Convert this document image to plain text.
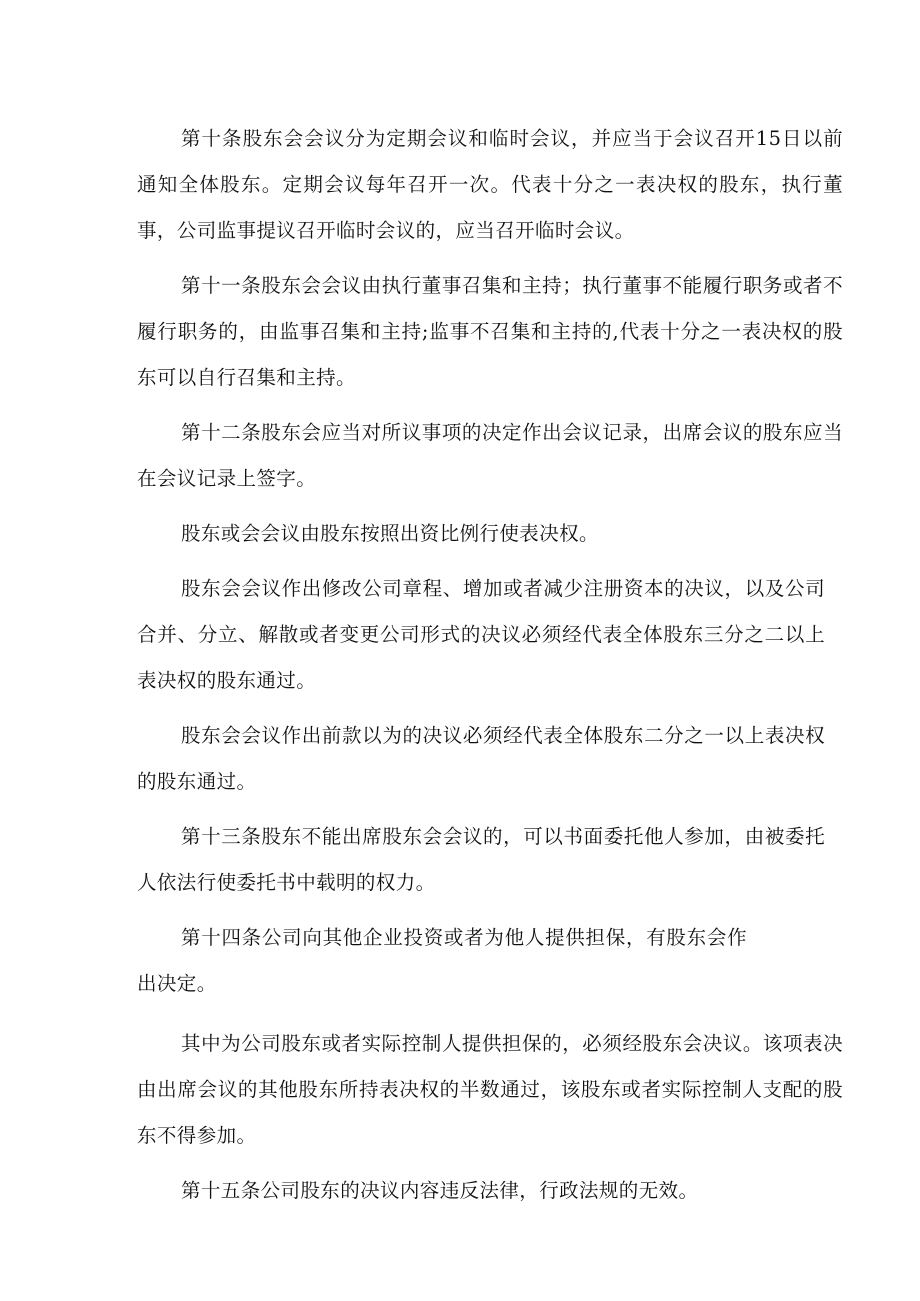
第十条股东会会议分为定期会议和临时会议，并应当于会议召开15日以前通知全体股东。定期会议每年召开一次。代表十分之一表决权的股东，执行董事，公司监事提议召开临时会议的，应当召开临时会议。

第十一条股东会会议由执行董事召集和主持；执行董事不能履行职务或者不履行职务的，由监事召集和主持;监事不召集和主持的,代表十分之一表决权的股东可以自行召集和主持。

第十二条股东会应当对所议事项的决定作出会议记录，出席会议的股东应当在会议记录上签字。

股东或会会议由股东按照出资比例行使表决权。

股东会会议作出修改公司章程、增加或者减少注册资本的决议，以及公司合并、分立、解散或者变更公司形式的决议必须经代表全体股东三分之二以上表决权的股东通过。

股东会会议作出前款以为的决议必须经代表全体股东二分之一以上表决权的股东通过。

第十三条股东不能出席股东会会议的，可以书面委托他人参加，由被委托人依法行使委托书中载明的权力。

第十四条公司向其他企业投资或者为他人提供担保，有股东会作出决定。

其中为公司股东或者实际控制人提供担保的，必须经股东会决议。该项表决由出席会议的其他股东所持表决权的半数通过，该股东或者实际控制人支配的股东不得参加。

第十五条公司股东的决议内容违反法律，行政法规的无效。
